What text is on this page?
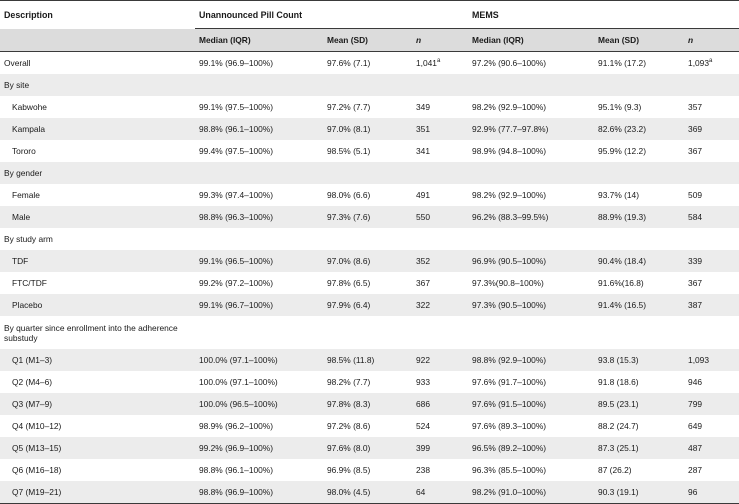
Description	Unannounced Pill Count			MEMS		
	Median (IQR)	Mean (SD)	n	Median (IQR)	Mean (SD)	n
Overall	99.1% (96.9–100%)	97.6% (7.1)	1,041$^a$	97.2% (90.6–100%)	91.1% (17.2)	1,093$^a$
By site						
Kabwohe	99.1% (97.5–100%)	97.2% (7.7)	349	98.2% (92.9–100%)	95.1% (9.3)	357
Kampala	98.8% (96.1–100%)	97.0% (8.1)	351	92.9% (77.7–97.8%)	82.6% (23.2)	369
Tororo	99.4% (97.5–100%)	98.5% (5.1)	341	98.9% (94.8–100%)	95.9% (12.2)	367
By gender						
Female	99.3% (97.4–100%)	98.0% (6.6)	491	98.2% (92.9–100%)	93.7% (14)	509
Male	98.8% (96.3–100%)	97.3% (7.6)	550	96.2% (88.3–99.5%)	88.9% (19.3)	584
By study arm						
TDF	99.1% (96.5–100%)	97.0% (8.6)	352	96.9% (90.5–100%)	90.4% (18.4)	339
FTC/TDF	99.2% (97.2–100%)	97.8% (6.5)	367	97.3%(90.8–100%)	91.6%(16.8)	367
Placebo	99.1% (96.7–100%)	97.9% (6.4)	322	97.3% (90.5–100%)	91.4% (16.5)	387
By quarter since enrollment into the adherence substudy						
Q1 (M1–3)	100.0% (97.1–100%)	98.5% (11.8)	922	98.8% (92.9–100%)	93.8 (15.3)	1,093
Q2 (M4–6)	100.0% (97.1–100%)	98.2% (7.7)	933	97.6% (91.7–100%)	91.8 (18.6)	946
Q3 (M7–9)	100.0% (96.5–100%)	97.8% (8.3)	686	97.6% (91.5–100%)	89.5 (23.1)	799
Q4 (M10–12)	98.9% (96.2–100%)	97.2% (8.6)	524	97.6% (89.3–100%)	88.2 (24.7)	649
Q5 (M13–15)	99.2% (96.9–100%)	97.6% (8.0)	399	96.5% (89.2–100%)	87.3 (25.1)	487
Q6 (M16–18)	98.8% (96.1–100%)	96.9% (8.5)	238	96.3% (85.5–100%)	87 (26.2)	287
Q7 (M19–21)	98.8% (96.9–100%)	98.0% (4.5)	64	98.2% (91.0–100%)	90.3 (19.1)	96
